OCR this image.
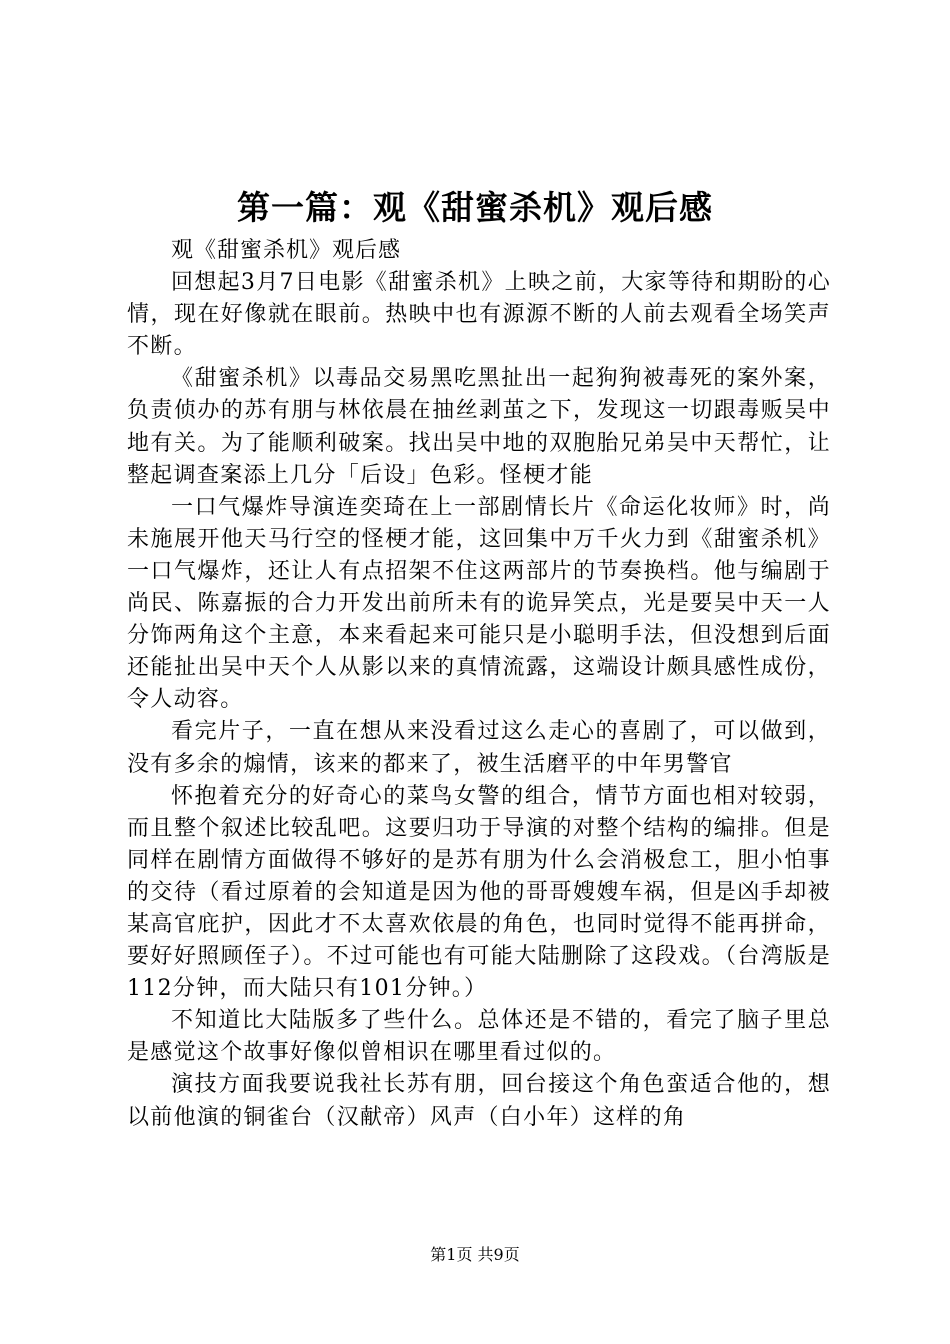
第一篇：观《甜蜜杀机》观后感

观《甜蜜杀机》观后感

回想起3月7日电影《甜蜜杀机》上映之前，大家等待和期盼的心情，现在好像就在眼前。热映中也有源源不断的人前去观看全场笑声不断。

《甜蜜杀机》以毒品交易黑吃黑扯出一起狗狗被毒死的案外案，负责侦办的苏有朋与林依晨在抽丝剥茧之下，发现这一切跟毒贩吴中地有关。为了能顺利破案。找出吴中地的双胞胎兄弟吴中天帮忙，让整起调查案添上几分「后设」色彩。怪梗才能

一口气爆炸导演连奕琦在上一部剧情长片《命运化妆师》时，尚未施展开他天马行空的怪梗才能，这回集中万千火力到《甜蜜杀机》一口气爆炸，还让人有点招架不住这两部片的节奏换档。他与编剧于尚民、陈嘉振的合力开发出前所未有的诡异笑点，光是要吴中天一人分饰两角这个主意，本来看起来可能只是小聪明手法，但没想到后面还能扯出吴中天个人从影以来的真情流露，这端设计颇具感性成份，令人动容。

看完片子，一直在想从来没看过这么走心的喜剧了，可以做到，没有多余的煽情，该来的都来了，被生活磨平的中年男警官

怀抱着充分的好奇心的菜鸟女警的组合，情节方面也相对较弱，而且整个叙述比较乱吧。这要归功于导演的对整个结构的编排。但是同样在剧情方面做得不够好的是苏有朋为什么会消极怠工，胆小怕事的交待（看过原着的会知道是因为他的哥哥嫂嫂车祸，但是凶手却被某高官庇护，因此才不太喜欢依晨的角色，也同时觉得不能再拼命，要好好照顾侄子）。不过可能也有可能大陆删除了这段戏。（台湾版是112分钟，而大陆只有101分钟。）

不知道比大陆版多了些什么。总体还是不错的，看完了脑子里总是感觉这个故事好像似曾相识在哪里看过似的。

演技方面我要说我社长苏有朋，回台接这个角色蛮适合他的，想以前他演的铜雀台（汉献帝）风声（白小年）这样的角

第1页 共9页
